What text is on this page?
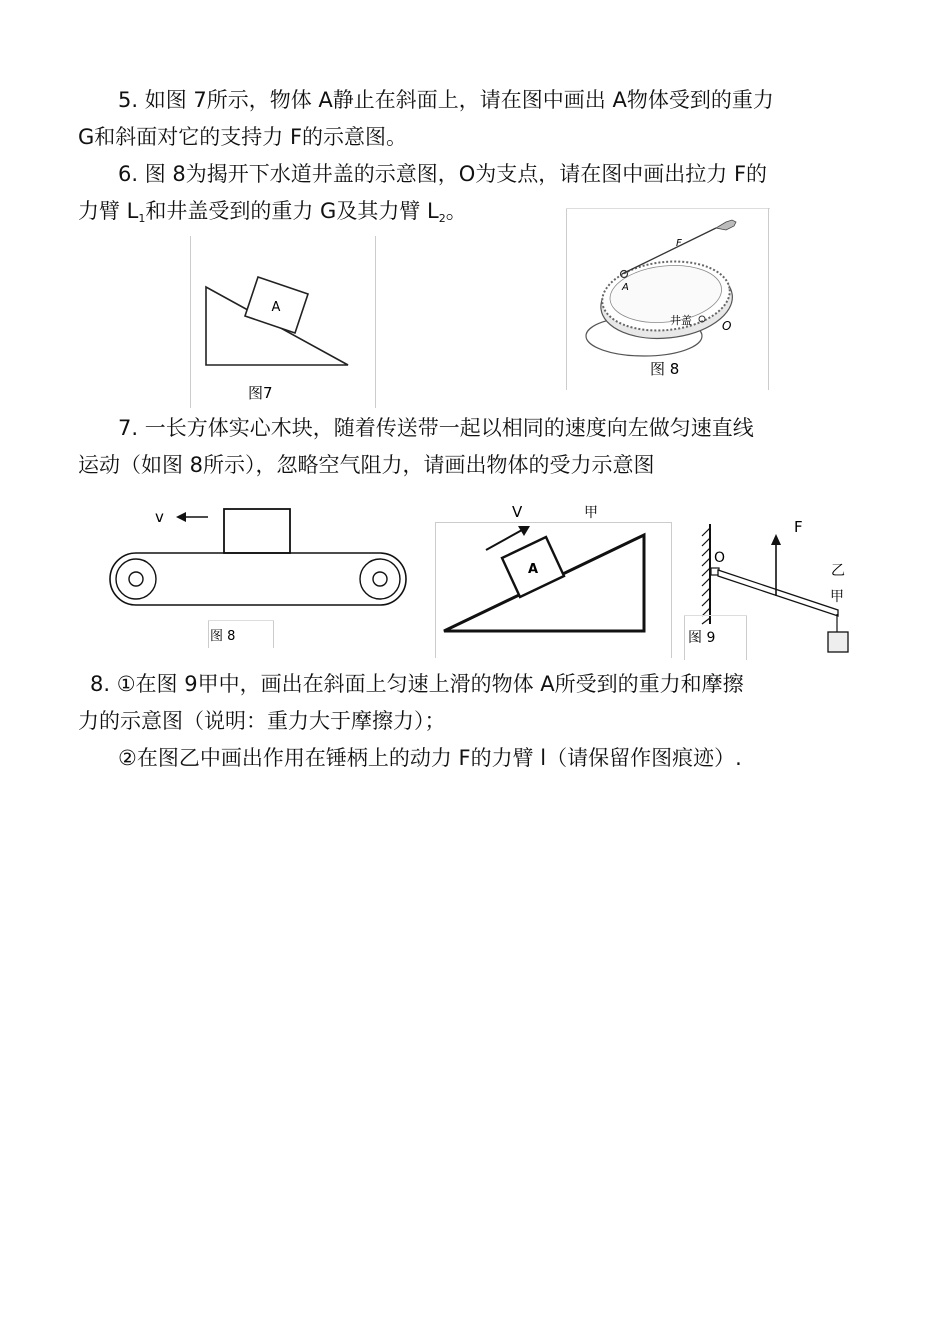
5. 如图 7所示，物体 A静止在斜面上，请在图中画出 A物体受到的重力
G和斜面对它的支持力 F的示意图。
6. 图 8为揭开下水道井盖的示意图，O为支点，请在图中画出拉力 F的
力臂 $L_1$和井盖受到的重力 G及其力臂 $L_2$。
A
图7
F
A
井盖	O
图 8
7. 一长方体实心木块，随着传送带一起以相同的速度向左做匀速直线
运动（如图 8所示），忽略空气阻力，请画出物体的受力示意图
v
图 8
V	甲
A
O
F
乙
甲
图 9
8. ①在图 9甲中，画出在斜面上匀速上滑的物体 A所受到的重力和摩擦
力的示意图（说明：重力大于摩擦力）；
②在图乙中画出作用在锤柄上的动力 F的力臂 l（请保留作图痕迹）.
